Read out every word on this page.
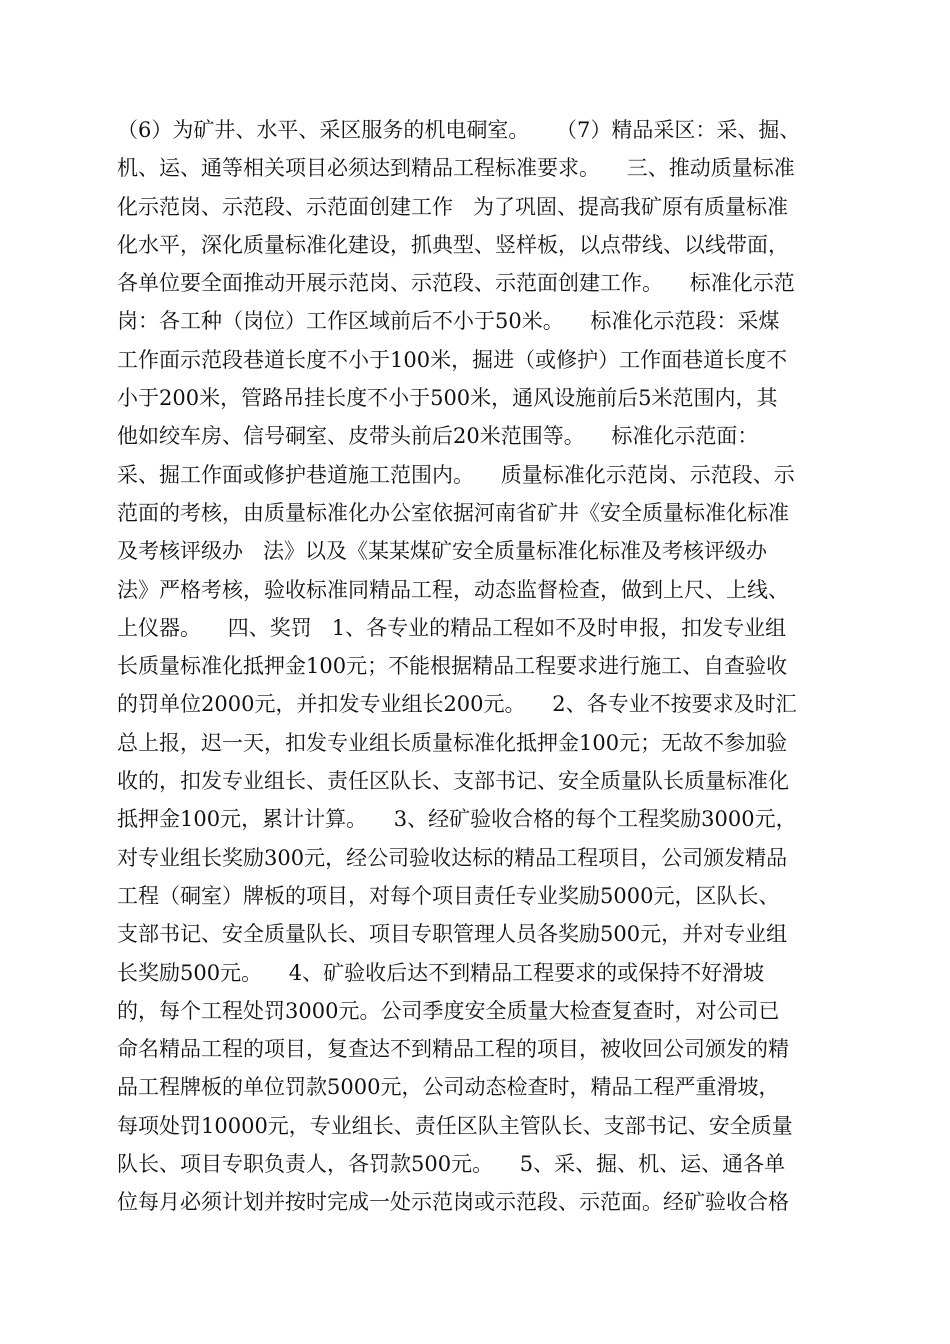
（6）为矿井、水平、采区服务的机电硐室。    （7）精品采区：采、掘、
机、运、通等相关项目必须达到精品工程标准要求。    三、推动质量标准
化示范岗、示范段、示范面创建工作   为了巩固、提高我矿原有质量标准
化水平，深化质量标准化建设，抓典型、竖样板，以点带线、以线带面，
各单位要全面推动开展示范岗、示范段、示范面创建工作。    标准化示范
岗：各工种（岗位）工作区域前后不小于50米。    标准化示范段：采煤
工作面示范段巷道长度不小于100米，掘进（或修护）工作面巷道长度不
小于200米，管路吊挂长度不小于500米，通风设施前后5米范围内，其
他如绞车房、信号硐室、皮带头前后20米范围等。    标准化示范面：
采、掘工作面或修护巷道施工范围内。    质量标准化示范岗、示范段、示
范面的考核，由质量标准化办公室依据河南省矿井《安全质量标准化标准
及考核评级办   法》以及《某某煤矿安全质量标准化标准及考核评级办
法》严格考核，验收标准同精品工程，动态监督检查，做到上尺、上线、
上仪器。    四、奖罚   1、各专业的精品工程如不及时申报，扣发专业组
长质量标准化抵押金100元；不能根据精品工程要求进行施工、自查验收
的罚单位2000元，并扣发专业组长200元。    2、各专业不按要求及时汇
总上报，迟一天，扣发专业组长质量标准化抵押金100元；无故不参加验
收的，扣发专业组长、责任区队长、支部书记、安全质量队长质量标准化
抵押金100元，累计计算。    3、经矿验收合格的每个工程奖励3000元，
对专业组长奖励300元，经公司验收达标的精品工程项目，公司颁发精品
工程（硐室）牌板的项目，对每个项目责任专业奖励5000元，区队长、
支部书记、安全质量队长、项目专职管理人员各奖励500元，并对专业组
长奖励500元。    4、矿验收后达不到精品工程要求的或保持不好滑坡
的，每个工程处罚3000元。公司季度安全质量大检查复查时，对公司已
命名精品工程的项目，复查达不到精品工程的项目，被收回公司颁发的精
品工程牌板的单位罚款5000元，公司动态检查时，精品工程严重滑坡，
每项处罚10000元，专业组长、责任区队主管队长、支部书记、安全质量
队长、项目专职负责人，各罚款500元。    5、采、掘、机、运、通各单
位每月必须计划并按时完成一处示范岗或示范段、示范面。经矿验收合格
